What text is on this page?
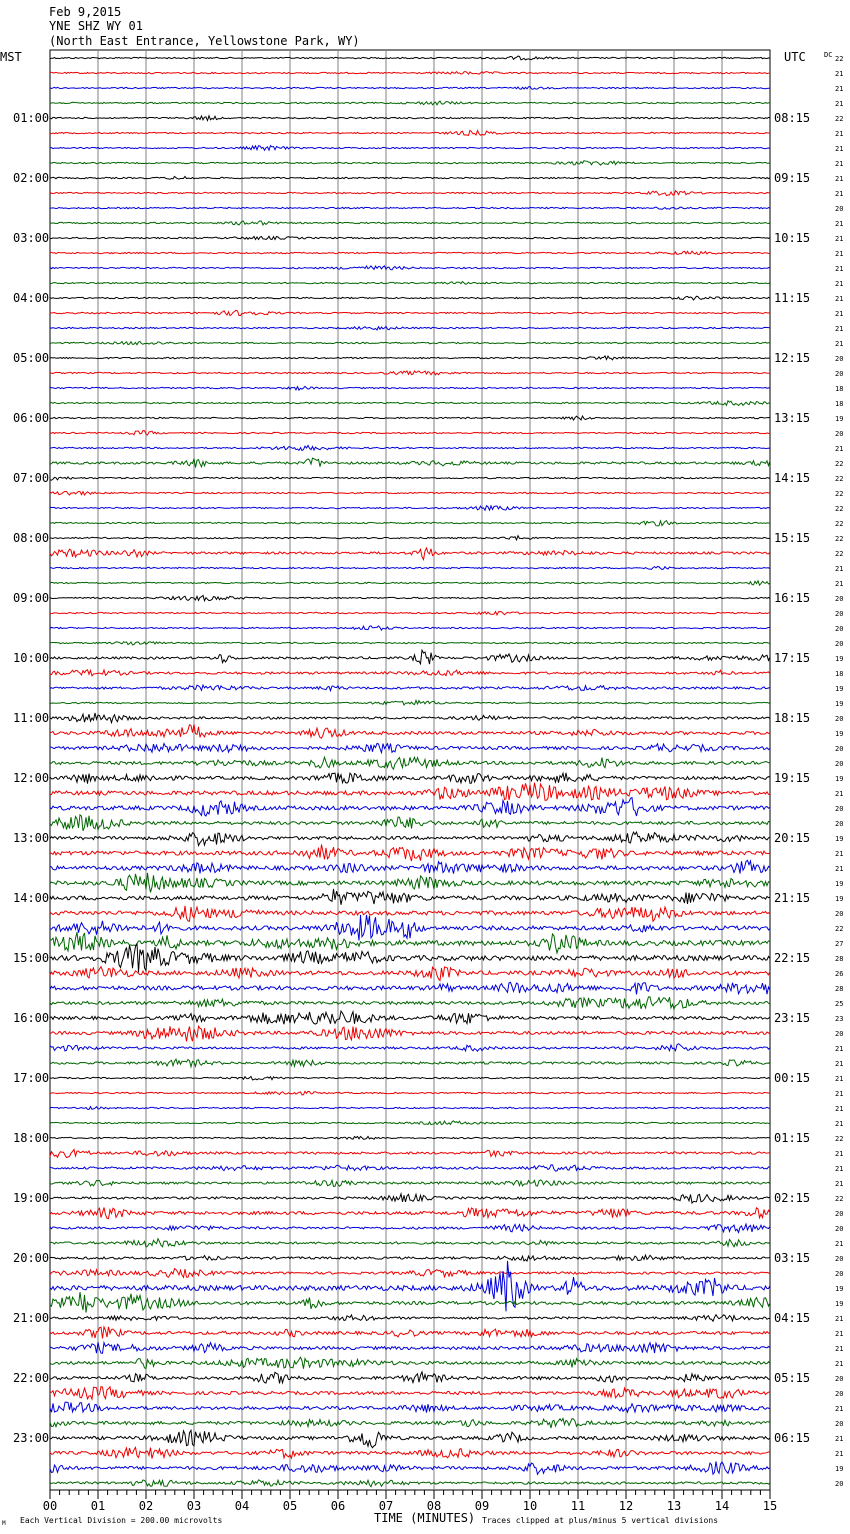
Feb 9,2015
YNE SHZ WY 01
(North East Entrance, Yellowstone Park, WY)
01:00
02:00
03:00
04:00
05:00
06:00
07:00
08:00
09:00
10:00
11:00
12:00
13:00
14:00
15:00
16:00
17:00
18:00
19:00
20:00
21:00
22:00
23:00
08:15
09:15
10:15
11:15
12:15
13:15
14:15
15:15
16:15
17:15
18:15
19:15
20:15
21:15
22:15
23:15
00:15
01:15
02:15
03:15
04:15
05:15
06:15
22
21
21
21
22
21
21
21
21
21
20
21
21
21
21
21
21
21
21
21
20
20
18
18
19
20
21
22
22
22
22
22
22
22
21
21
20
20
20
20
19
18
19
19
20
19
20
20
19
21
20
20
19
21
21
19
19
20
22
27
28
26
28
25
23
20
21
21
21
21
21
21
22
21
21
21
22
20
20
21
20
20
19
19
21
21
21
21
20
20
21
20
21
21
19
20
00	01	02	03	04	05	06	07	08	09	10	11	12	13	14	15
MST	UTC	DC
TIME (MINUTES)
Each Vertical Division = 200.00 microvolts	Traces clipped at plus/minus 5 vertical divisions
M
